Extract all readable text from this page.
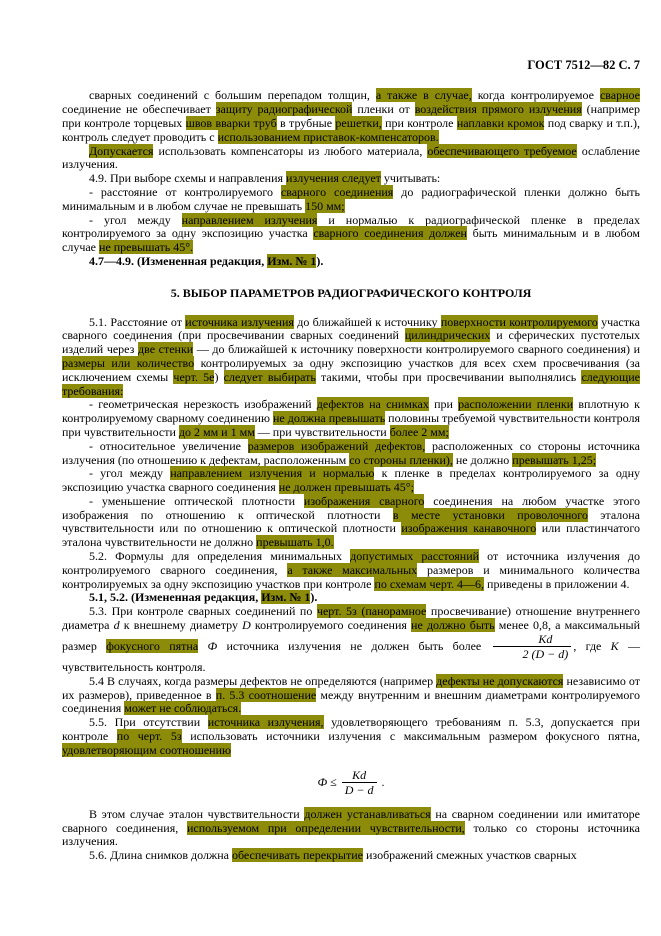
ГОСТ 7512—82 С. 7
сварных соединений с большим перепадом толщин, а также в случае, когда контролируемое сварное соединение не обеспечивает защиту радиографической пленки от воздействия прямого излучения (например при контроле торцевых швов вварки труб в трубные решетки, при контроле наплавки кромок под сварку и т.п.), контроль следует проводить с использованием приставок-компенсаторов.
Допускается использовать компенсаторы из любого материала, обеспечивающего требуемое ослабление излучения.
4.9. При выборе схемы и направления излучения следует учитывать:
- расстояние от контролируемого сварного соединения до радиографической пленки должно быть минимальным и в любом случае не превышать 150 мм;
- угол между направлением излучения и нормалью к радиографической пленке в пределах контролируемого за одну экспозицию участка сварного соединения должен быть минимальным и в любом случае не превышать 45°.
4.7—4.9. (Измененная редакция, Изм. № 1).
5. ВЫБОР ПАРАМЕТРОВ РАДИОГРАФИЧЕСКОГО КОНТРОЛЯ
5.1. Расстояние от источника излучения до ближайшей к источнику поверхности контролируемого участка сварного соединения (при просвечивании сварных соединений цилиндрических и сферических пустотелых изделий через две стенки — до ближайшей к источнику поверхности контролируемого сварного соединения) и размеры или количество контролируемых за одну экспозицию участков для всех схем просвечивания (за исключением схемы черт. 5е) следует выбирать такими, чтобы при просвечивании выполнялись следующие требования:
- геометрическая нерезкость изображений дефектов на снимках при расположении пленки вплотную к контролируемому сварному соединению не должна превышать половины требуемой чувствительности контроля при чувствительности до 2 мм и 1 мм — при чувствительности более 2 мм;
- относительное увеличение размеров изображений дефектов, расположенных со стороны источника излучения (по отношению к дефектам, расположенным со стороны пленки), не должно превышать 1,25;
- угол между направлением излучения и нормалью к пленке в пределах контролируемого за одну экспозицию участка сварного соединения не должен превышать 45°;
- уменьшение оптической плотности изображения сварного соединения на любом участке этого изображения по отношению к оптической плотности в месте установки проволочного эталона чувствительности или по отношению к оптической плотности изображения канавочного или пластинчатого эталона чувствительности не должно превышать 1,0.
5.2. Формулы для определения минимальных допустимых расстояний от источника излучения до контролируемого сварного соединения, а также максимальных размеров и минимального количества контролируемых за одну экспозицию участков при контроле по схемам черт. 4—6, приведены в приложении 4.
5.1, 5.2. (Измененная редакция, Изм. № 1).
5.3. При контроле сварных соединений по черт. 5з (панорамное просвечивание) отношение внутреннего диаметра d к внешнему диаметру D контролируемого соединения не должно быть менее 0,8, а максимальный размер фокусного пятна Ф источника излучения не должен быть более $\frac{Kd}{2 (D - d)}$ , где K — чувствительность контроля.
5.4 В случаях, когда размеры дефектов не определяются (например дефекты не допускаются независимо от их размеров), приведенное в п. 5.3 соотношение между внутренним и внешним диаметрами контролируемого соединения может не соблюдаться.
5.5. При отсутствии источника излучения, удовлетворяющего требованиям п. 5.3, допускается при контроле по черт. 5з использовать источники излучения с максимальным размером фокусного пятна, удовлетворяющим соотношению
$Ф \le \frac{Kd}{D - d}$ .
В этом случае эталон чувствительности должен устанавливаться на сварном соединении или имитаторе сварного соединения, используемом при определении чувствительности, только со стороны источника излучения.
5.6. Длина снимков должна обеспечивать перекрытие изображений смежных участков сварных
